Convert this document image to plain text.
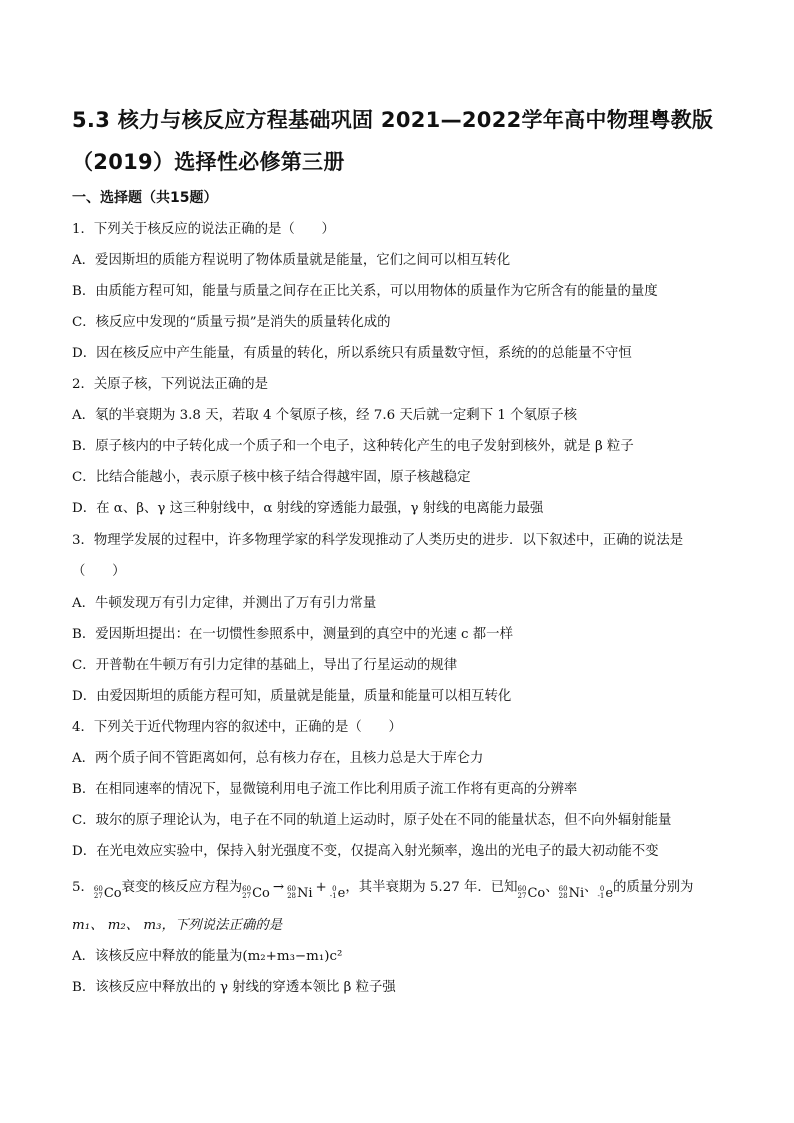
5.3 核力与核反应方程基础巩固 2021—2022学年高中物理粤教版
（2019）选择性必修第三册
一、选择题（共15题）
1．下列关于核反应的说法正确的是（　　）
A．爱因斯坦的质能方程说明了物体质量就是能量，它们之间可以相互转化
B．由质能方程可知，能量与质量之间存在正比关系，可以用物体的质量作为它所含有的能量的量度
C．核反应中发现的“质量亏损”是消失的质量转化成的
D．因在核反应中产生能量，有质量的转化，所以系统只有质量数守恒，系统的的总能量不守恒
2．关原子核，下列说法正确的是
A．氡的半衰期为 3.8 天，若取 4 个氡原子核，经 7.6 天后就一定剩下 1 个氡原子核
B．原子核内的中子转化成一个质子和一个电子，这种转化产生的电子发射到核外，就是 β 粒子
C．比结合能越小，表示原子核中核子结合得越牢固，原子核越稳定
D．在 α、β、γ 这三种射线中，α 射线的穿透能力最强，γ 射线的电离能力最强
3．物理学发展的过程中，许多物理学家的科学发现推动了人类历史的进步．以下叙述中，正确的说法是
（　　）
A．牛顿发现万有引力定律，并测出了万有引力常量
B．爱因斯坦提出：在一切惯性参照系中，测量到的真空中的光速 c 都一样
C．开普勒在牛顿万有引力定律的基础上，导出了行星运动的规律
D．由爱因斯坦的质能方程可知，质量就是能量，质量和能量可以相互转化
4．下列关于近代物理内容的叙述中，正确的是（　　）
A．两个质子间不管距离如何，总有核力存在，且核力总是大于库仑力
B．在相同速率的情况下，显微镜利用电子流工作比利用质子流工作将有更高的分辨率
C．玻尔的原子理论认为，电子在不同的轨道上运动时，原子处在不同的能量状态，但不向外辐射能量
D．在光电效应实验中，保持入射光强度不变，仅提高入射光频率，逸出的光电子的最大初动能不变
5． 60
27 Co 衰变的核反应方程为 60
27 Co → 60
28 Ni + 0
-1 e ，其半衰期为 5.27 年．已知 60
27 Co 、 60
28 Ni 、 0
-1 e 的质量分别为
m₁、 m₂、 m₃，下列说法正确的是
A．该核反应中释放的能量为(m₂+m₃−m₁)c²
B．该核反应中释放出的 γ 射线的穿透本领比 β 粒子强
